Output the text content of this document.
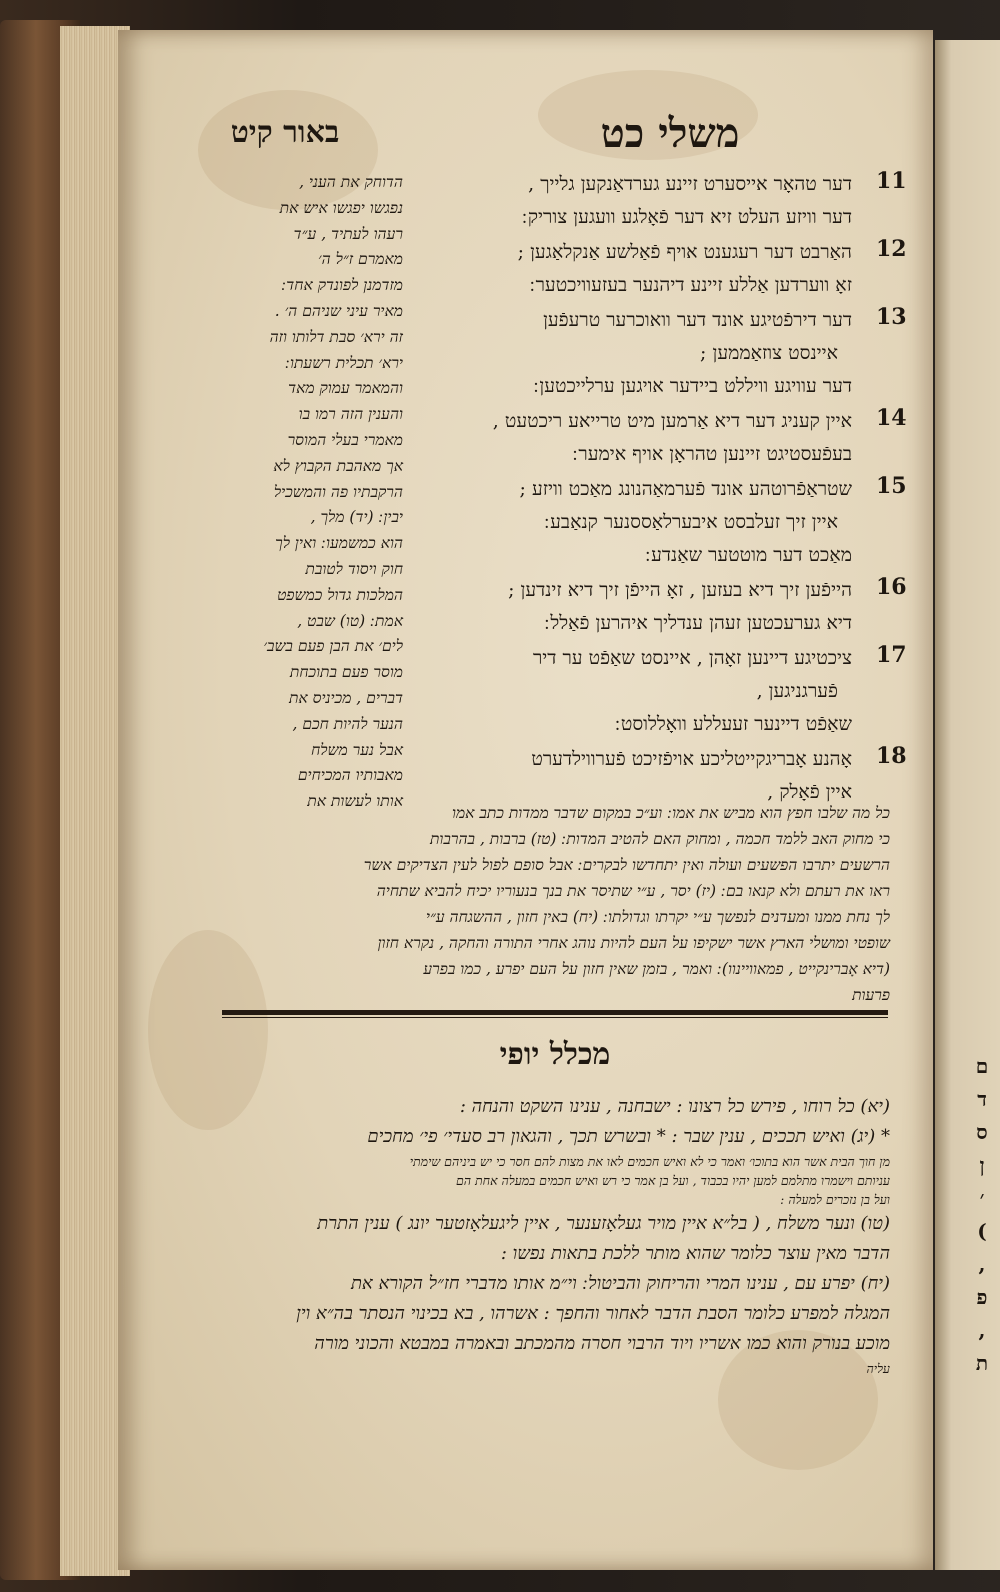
ם
ד
ס
ן
׳
)
,
פ
,
ת
משלי כט
באור קיט
11
דער טהאָר אייסערט זיינע גערדאַנקען גלייך ,
דער וויזע העלט זיא דער פֿאָלגע וועגען צוריק ׃
12
האַרבט דער רעגענט אויף פֿאַלשע אַנקלאַגען ;
זאָ ווערדען אַללע זיינע דיהנער בעזעוויכטער ׃
13
דער דירפֿטיגע אונד דער וואוכרער טרעפֿען
איינסט צוזאַממען ;
דער עוויגע וויללט ביידער אויגען ערלייכטען ׃
14
איין קעניג דער דיא אַרמען מיט טרייאע ריכטעט ,
בעפֿעסטיגט זיינען טהראָן אויף אימער ׃
15
שטראַפֿרוטהע אונד פֿערמאַהנונג מאַכט וויזע ;
איין זיך זעלבסט איבערלאַססנער קנאַבע ׃
מאַכט דער מוטטער שאַנדע ׃
16
הייפֿען זיך דיא בעזען , זאָ הייפֿן זיך דיא זינדען ;
דיא גערעכטען זעהן ענדליך איהרען פֿאַלל ׃
17
ציכטיגע דיינען זאָהן , איינסט שאַפֿט ער דיר
פֿערגניגען ,
שאַפֿט דיינער זעעללע וואָללוסט ׃
18
אָהנע אָבריגקייטליכע אויפֿזיכט פֿערווילדערט
איין פֿאָלק ,
הדוחק את העני ,
נפגשו יפגשו איש את
רעהו לעתיד , ע״ד
מאמרם ז״ל ה׳
מזדמנן לפונדק אחד ׃
מאיר עיני שניהם ה׳ .
זה ירא׳ סבת דלותו וזה
ירא׳ תכלית רשעתו ׃
והמאמר עמוק מאד
והענין הזה רמו בו
מאמרי בעלי המוסר
אך מאהבת הקבוץ לא
הרקבתיו פה והמשכיל
יבין ׃ (יד) מלך ,
הוא כמשמעו ׃ ואין לך
חוק ויסוד לטובת
המלכות גדול כמשפט
אמת ׃ (טו) שבט ,
לים׳ את הבן פעם בשב׳
מוסר פעם בתוכחת
דברים , מכיניס את
הנער להיות חכם ,
אבל נער משלח
מאבותיו המכיחים
אותו לעשות את
כל מה שלבו חפץ הוא מביש את אמו ׃ וע״כ במקום שדבר ממדות כתב אמו
כי מחוק האב ללמד חכמה , ומחוק האם להטיב המדות ׃ (טז) ברבות , בהרבות
הרשעים יתרבו הפשעים ועולה ואין יתחדשו לבקרים ׃ אבל סופם לפול לעין הצדיקים אשר
ראו את רעתם ולא קנאו בם ׃ (יז) יסר , ע״י שתיסר את בנך בנעוריו יכיח להביא שתחיה
לך נחת ממנו ומעדנים לנפשך ע״י יקרתו וגדולתו ׃ (יח) באין חזון , ההשגחה ע״י
שופטי ומושלי הארץ אשר ישקיפו על העם להיות נוהג אחרי התורה והחקה , נקרא חזון
(דיא אָברינקייט , פמאוויינוו) ׃ ואמר , בזמן שאין חזון על העם יפרע , כמו בפרע
פרעות
מכלל יופי
(יא) כל רוחו , פירש כל רצונו : ישבחנה , ענינו השקט והנחה :
* (יג) ואיש תככים , ענין שבר : * ובשרש תכך , והגאון רב סעדי׳ פי׳ מחכים
מן חוך הבית אשר הוא בתוכו׳ ואמר כי לא ואיש חכמים לאו את מצות להם חסר כי יש ביניהם שימתי
עניותם וישמרו מתלמם למען יהיו בכבוד , ועל בן אמר כי רש ואיש חכמים במעלה אחת הם
ועל בן נזכרים למעלה :
(טו) ונער משלח , ( בל״א איין מויר געלאָזענער , איין ליגעלאָזטער יונג ) ענין התרת
הדבר מאין עוצר כלומר שהוא מותר ללכת בתאות נפשו :
(יח) יפרע עם , ענינו המרי והריחוק והביטול ׃ וי״מ אותו מדברי חז״ל הקורא את
המגלה למפרע כלומר הסבת הדבר לאחור והחפך : אשרהו , בא בכינוי הנסתר בה״א וין
מוכע בנורק והוא כמו אשריו ויוד הרבוי חסרה מהמכתב ובאמרה במבטא והכוני מורה
עליה
